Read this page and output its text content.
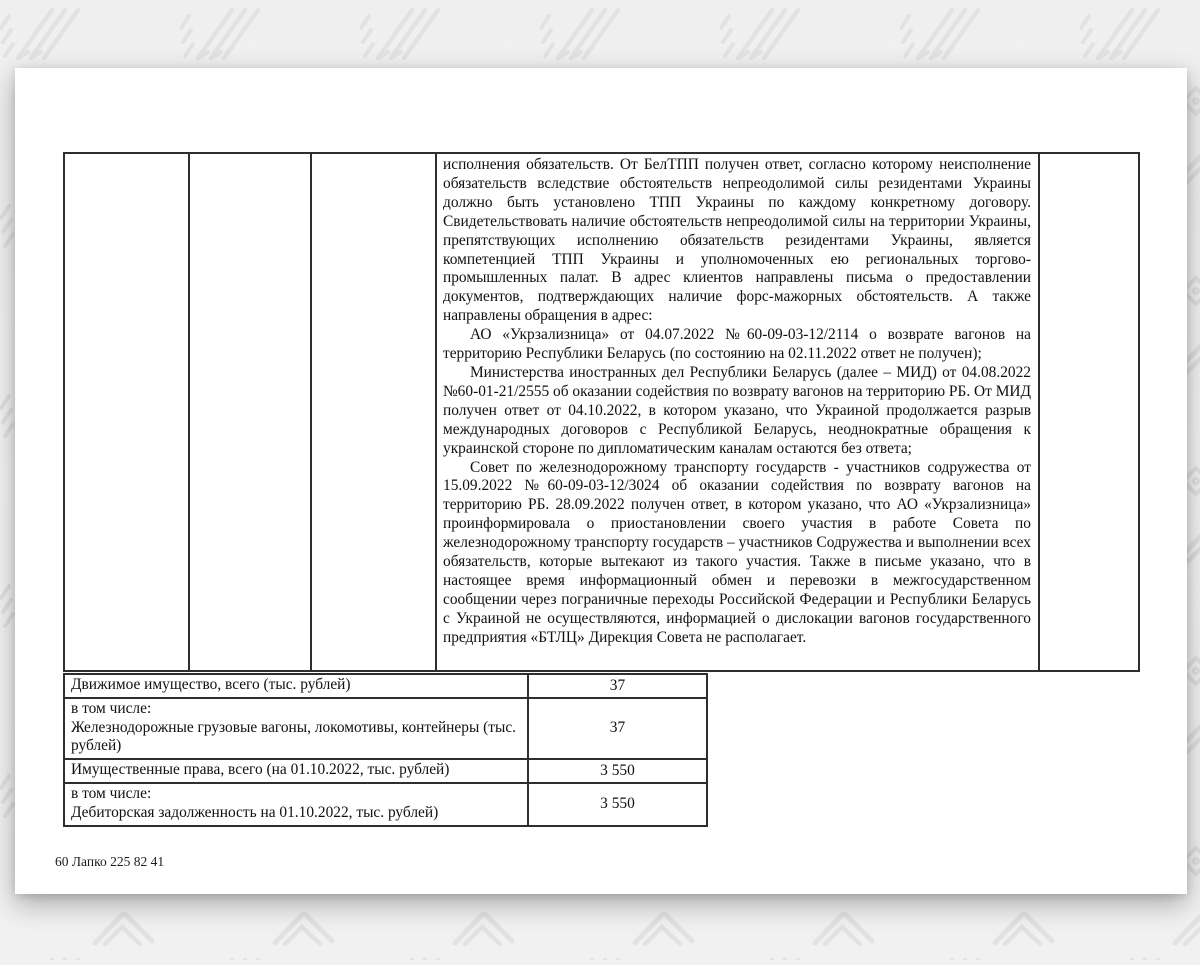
исполнения обязательств. От БелТПП получен ответ, согласно которому неисполнение обязательств вследствие обстоятельств непреодолимой силы резидентами Украины должно быть установлено ТПП Украины по каждому конкретному договору. Свидетельствовать наличие обстоятельств непреодолимой силы на территории Украины, препятствующих исполнению обязательств резидентами Украины, является компетенцией ТПП Украины и уполномоченных ею региональных торгово-промышленных палат. В адрес клиентов направлены письма о предоставлении документов, подтверждающих наличие форс-мажорных обстоятельств. А также направлены обращения в адрес:

АО «Укрзализница» от 04.07.2022 №60-09-03-12/2114 о возврате вагонов на территорию Республики Беларусь (по состоянию на 02.11.2022 ответ не получен);

Министерства иностранных дел Республики Беларусь (далее – МИД) от 04.08.2022 №60-01-21/2555 об оказании содействия по возврату вагонов на территорию РБ. От МИД получен ответ от 04.10.2022, в котором указано, что Украиной продолжается разрыв международных договоров с Республикой Беларусь, неоднократные обращения к украинской стороне по дипломатическим каналам остаются без ответа;

Совет по железнодорожному транспорту государств - участников содружества от 15.09.2022 №60-09-03-12/3024 об оказании содействия по возврату вагонов на территорию РБ. 28.09.2022 получен ответ, в котором указано, что АО «Укрзализница» проинформировала о приостановлении своего участия в работе Совета по железнодорожному транспорту государств – участников Содружества и выполнении всех обязательств, которые вытекают из такого участия. Также в письме указано, что в настоящее время информационный обмен и перевозки в межгосударственном сообщении через пограничные переходы Российской Федерации и Республики Беларусь с Украиной не осуществляются, информацией о дислокации вагонов государственного предприятия «БТЛЦ» Дирекция Совета не располагает.

Движимое имущество, всего (тыс. рублей)	37
в том числе:
Железнодорожные грузовые вагоны, локомотивы, контейнеры (тыс. рублей)
37
Имущественные права, всего (на 01.10.2022, тыс. рублей)	3 550
в том числе:
Дебиторская задолженность на 01.10.2022, тыс. рублей)
3 550
60 Лапко 225 82 41
